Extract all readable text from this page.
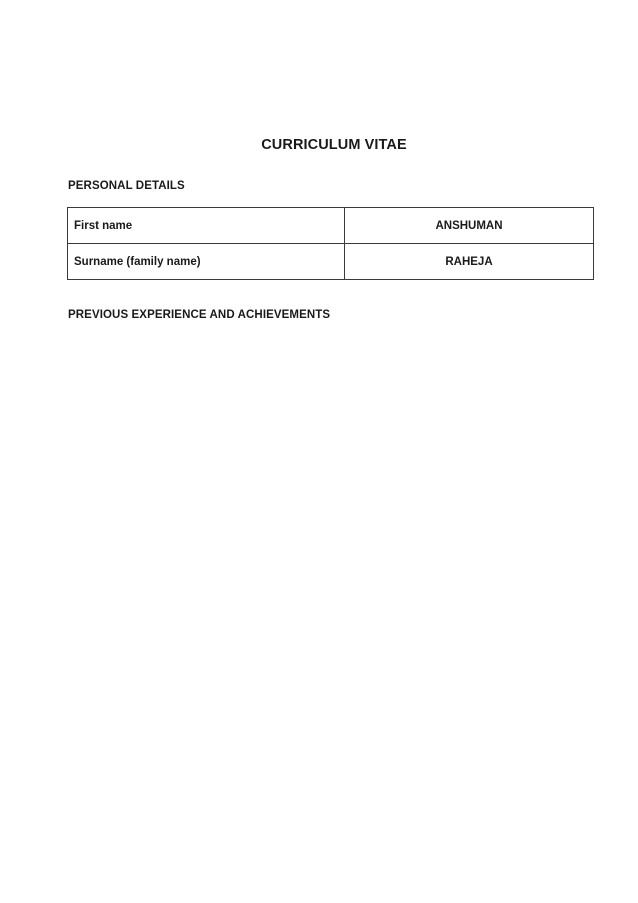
CURRICULUM VITAE
PERSONAL DETAILS
First name	ANSHUMAN
Surname (family name)	RAHEJA
PREVIOUS EXPERIENCE AND ACHIEVEMENTS
